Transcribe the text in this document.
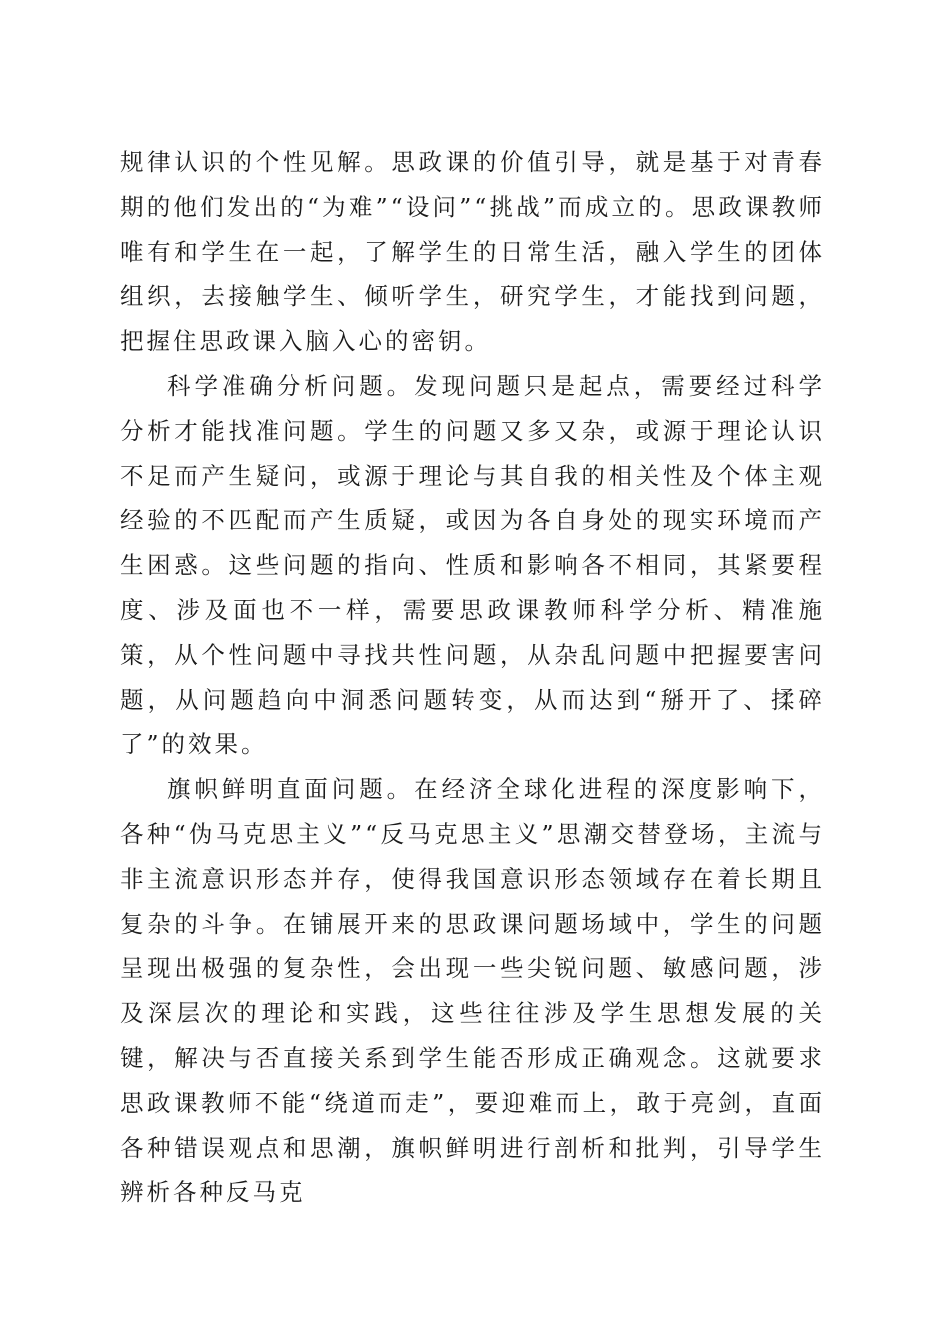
规律认识的个性见解。思政课的价值引导，就是基于对青春期的他们发出的“为难”“设问”“挑战”而成立的。思政课教师唯有和学生在一起，了解学生的日常生活，融入学生的团体组织，去接触学生、倾听学生，研究学生，才能找到问题，把握住思政课入脑入心的密钥。

科学准确分析问题。发现问题只是起点，需要经过科学分析才能找准问题。学生的问题又多又杂，或源于理论认识不足而产生疑问，或源于理论与其自我的相关性及个体主观经验的不匹配而产生质疑，或因为各自身处的现实环境而产生困惑。这些问题的指向、性质和影响各不相同，其紧要程度、涉及面也不一样，需要思政课教师科学分析、精准施策，从个性问题中寻找共性问题，从杂乱问题中把握要害问题，从问题趋向中洞悉问题转变，从而达到“掰开了、揉碎了”的效果。

旗帜鲜明直面问题。在经济全球化进程的深度影响下，各种“伪马克思主义”“反马克思主义”思潮交替登场，主流与非主流意识形态并存，使得我国意识形态领域存在着长期且复杂的斗争。在铺展开来的思政课问题场域中，学生的问题呈现出极强的复杂性，会出现一些尖锐问题、敏感问题，涉及深层次的理论和实践，这些往往涉及学生思想发展的关键，解决与否直接关系到学生能否形成正确观念。这就要求思政课教师不能“绕道而走”，要迎难而上，敢于亮剑，直面各种错误观点和思潮，旗帜鲜明进行剖析和批判，引导学生辨析各种反马克
